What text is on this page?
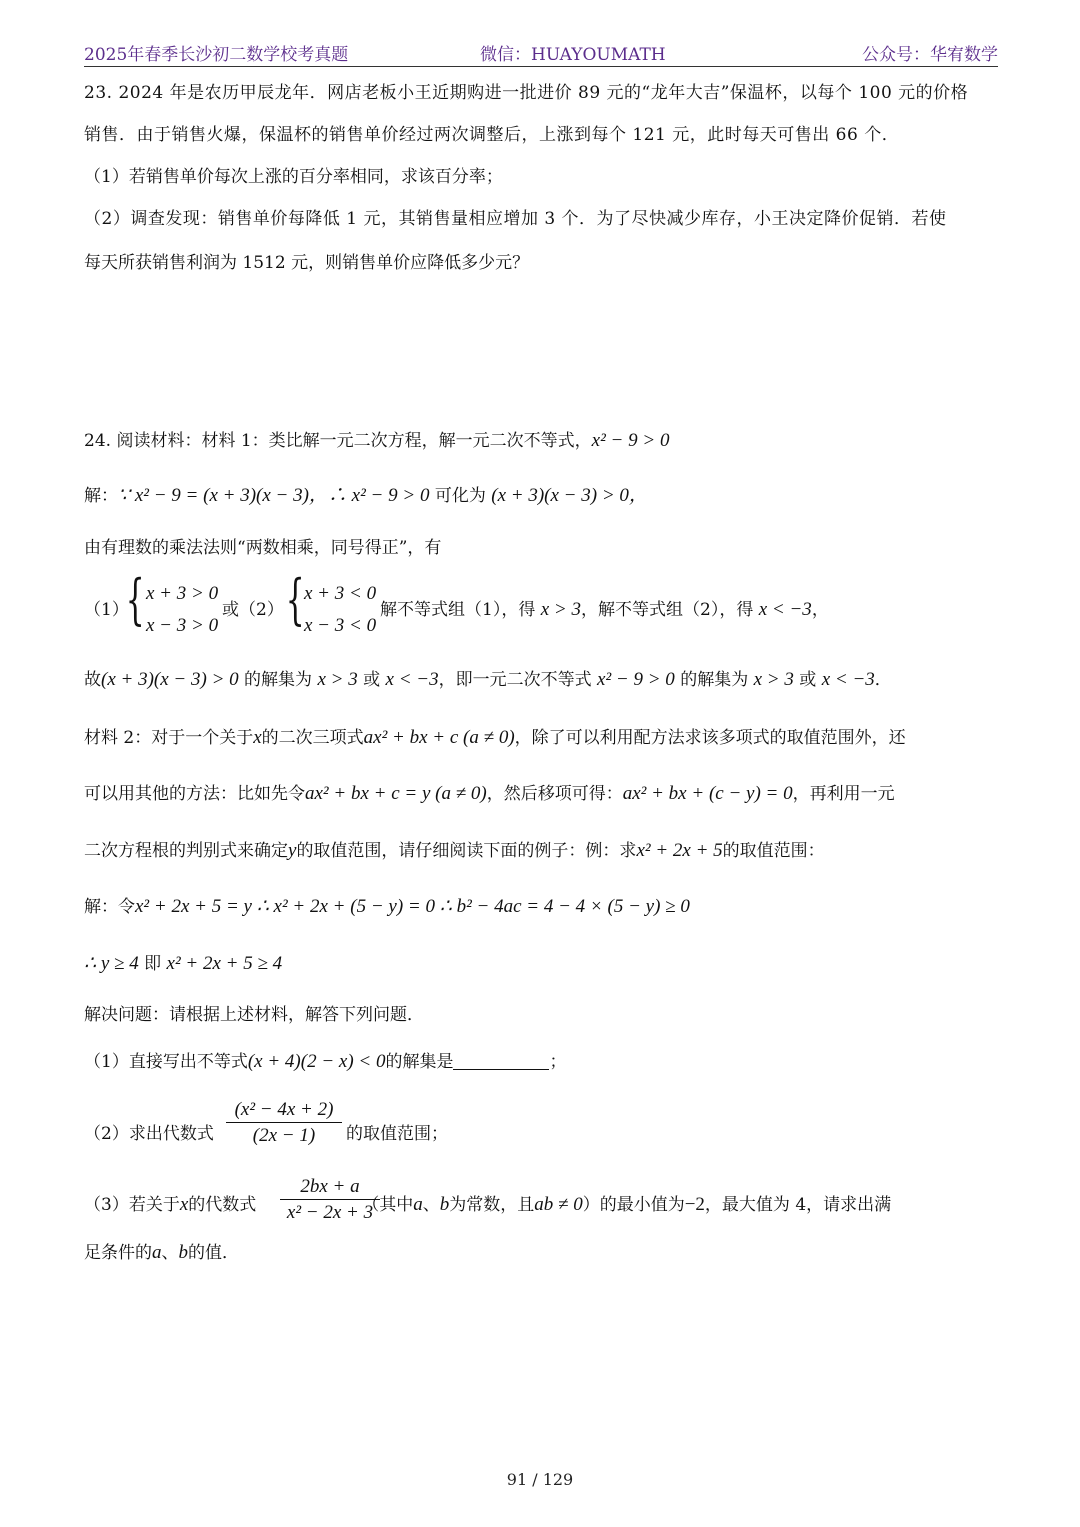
2025年春季长沙初二数学校考真题	微信：HUAYOUMATH	公众号：华宥数学
23. 2024 年是农历甲辰龙年．网店老板小王近期购进一批进价 89 元的“龙年大吉”保温杯，以每个 100 元的价格
销售．由于销售火爆，保温杯的销售单价经过两次调整后，上涨到每个 121 元，此时每天可售出 66 个．
（1）若销售单价每次上涨的百分率相同，求该百分率；
（2）调查发现：销售单价每降低 1 元，其销售量相应增加 3 个．为了尽快减少库存，小王决定降价促销．若使
每天所获销售利润为 1512 元，则销售单价应降低多少元？
24. 阅读材料：材料 1：类比解一元二次方程，解一元二次不等式，x² − 9 > 0
解：∵ x² − 9 = (x + 3)(x − 3)，∴ x² − 9 > 0 可化为 (x + 3)(x − 3) > 0，
由有理数的乘法法则“两数相乘，同号得正”，有
（1）
{ x + 3 > 0
x − 3 > 0
或（2） { x + 3 < 0
x − 3 < 0
解不等式组（1），得 x > 3，解不等式组（2），得 x < −3，
故(x + 3)(x − 3) > 0 的解集为 x > 3 或 x < −3，即一元二次不等式 x² − 9 > 0 的解集为 x > 3 或 x < −3．
材料 2：对于一个关于x的二次三项式ax² + bx + c (a ≠ 0)，除了可以利用配方法求该多项式的取值范围外，还
可以用其他的方法：比如先令ax² + bx + c = y (a ≠ 0)，然后移项可得：ax² + bx + (c − y) = 0，再利用一元
二次方程根的判别式来确定y的取值范围，请仔细阅读下面的例子：例：求x² + 2x + 5的取值范围：
解：令x² + 2x + 5 = y ∴ x² + 2x + (5 − y) = 0 ∴ b² − 4ac = 4 − 4 × (5 − y) ≥ 0
∴ y ≥ 4 即 x² + 2x + 5 ≥ 4
解决问题：请根据上述材料，解答下列问题．
（1）直接写出不等式(x + 4)(2 − x) < 0的解集是	；
（2）求出代数式
(x² − 4x + 2)
(2x − 1)	的取值范围；
（3）若关于x的代数式	（其中a、b为常数，且ab ≠ 0）的最小值为−2，最大值为 4，请求出满
2bx + a
x² − 2x + 3
足条件的a、b的值．
91 / 129
